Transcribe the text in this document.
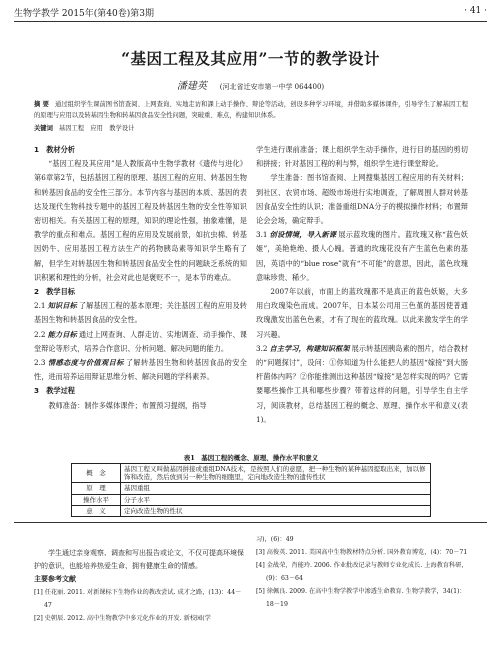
生物学教学 2015年(第40卷)第3期	· 41 ·
“基因工程及其应用”一节的教学设计
潘建英 (河北省迁安市第一中学 064400)
摘 要 通过组织学生课前图书馆查阅、上网查询、实地走访和課上动手操作、辩论等活动，创设多种学习环境，并借助多媒体课件，引导学生了解基因工程的原理与应用以及转基因生物和转基因食品安全性问题，突破重、难点，构建知识体系。
关键词 基因工程　应用　教学设计

1　教材分析

“基因工程及其应用”是人教版高中生物学教材《遗传与进化》第6章第2节，包括基因工程的原理、基因工程的应用、转基因生物和转基因食品的安全性三部分。本节内容与基因的本质、基因的表达及现代生物科技专题中的基因工程及转基因生物的安全性等知识密切相关。有关基因工程的原理，知识的理论性强，抽象难懂，是教学的重点和难点。基因工程的应用及发展前景，如抗虫棉、转基因奶牛、应用基因工程方法生产的药物胰岛素等知识学生略有了解，但学生对转基因生物和转基因食品安全性的问题缺乏系统的知识积累和理性的分析，社会对此也是褒贬不一，是本节的难点。

2　教学目标

2.1 知识目标 了解基因工程的基本原理；关注基因工程的应用及转基因生物和转基因食品的安全性。

2.2 能力目标 通过上网查询、人群走访、实地调查、动手操作、课堂辩论等形式，培养合作意识、分析问题、解决问题的能力。

2.3 情感态度与价值观目标 了解转基因生物和转基因食品的安全性，进而培养运用辩证思维分析、解决问题的学科素养。

3　教学过程

教师准备：制作多媒体课件；布置预习提纲，指导

学生进行课前准备；课上组织学生动手操作，进行目的基因的剪切和拼接；针对基因工程的利与弊，组织学生进行课堂辩论。

学生准备：图书馆查阅、上网搜集基因工程应用的有关材料；到社区、农贸市场、超级市场进行实地调查，了解周围人群对转基因食品安全性的认识；准备重组DNA分子的模拟操作材料；布置辩论会会场，确定辩手。

3.1 创设情境，导入新课 展示蓝玫瑰的图片。蓝玫瑰又称“蓝色妖姬”，美艳艳绝、摄人心魄。普通的玫瑰花没有产生蓝色色素的基因，英语中的“blue rose”就有“不可能”的意思，因此，蓝色玫瑰意味珍贵、稀少。

2007年以前，市面上的蓝玫瑰都不是真正的蓝色妖姬，大多用白玫瑰染色而成。2007年，日本某公司用三色堇的基因使普通玫瑰激发出蓝色色素，才有了现在的蓝玫瑰。以此来激发学生的学习兴趣。

3.2 自主学习，构建知识框架 展示转基因胰岛素的图片，结合教材的“问题探讨”，设问：①你知道为什么能把人的基因“嫁接”到大肠杆菌体内吗？②你能推测出这种基因“嫁接”是怎样实现的吗？它需要哪些操作工具和哪些步骤？带着这样的问题，引导学生自主学习，阅读教材，总结基因工程的概念、原理、操作水平和意义(表1)。

表1　基因工程的概念、原理、操作水平和意义
概　念	基因工程又叫做基因拼接或重组DNA技术，是按照人们的意愿，把一种生物的某种基因提取出来，加以修饰和改造，然后放到另一种生物的细胞里，定向地改造生物的遗传性状
原　理	基因重组
操作水平	分子水平
意　义	定向改造生物的性状

学生通过亲身观察、调查和写出报告或论文，不仅可提高环境保护的意识，也能培养热爱生命、拥有健康生命的情感。

主要参考文献

[1] 任花丽. 2011. 对新课标下生物作业的教改尝试. 成才之路，(13)：44－47

[2] 史朝辰. 2012. 高中生物教学中多元化作业的开发. 新校园(学

习)，(6)：49

[3] 高俊英. 2011. 美国高中生物教材特点分析. 国外教育博览，(4)：70－71

[4] 金战荣，肖能玲. 2006. 作业批改记录与教师专业化成长. 上海教育科研，(9)：63－64

[5] 徐佩良. 2009. 在高中生物学教学中渗透生命教育. 生物学教学，34(1)：18－19
